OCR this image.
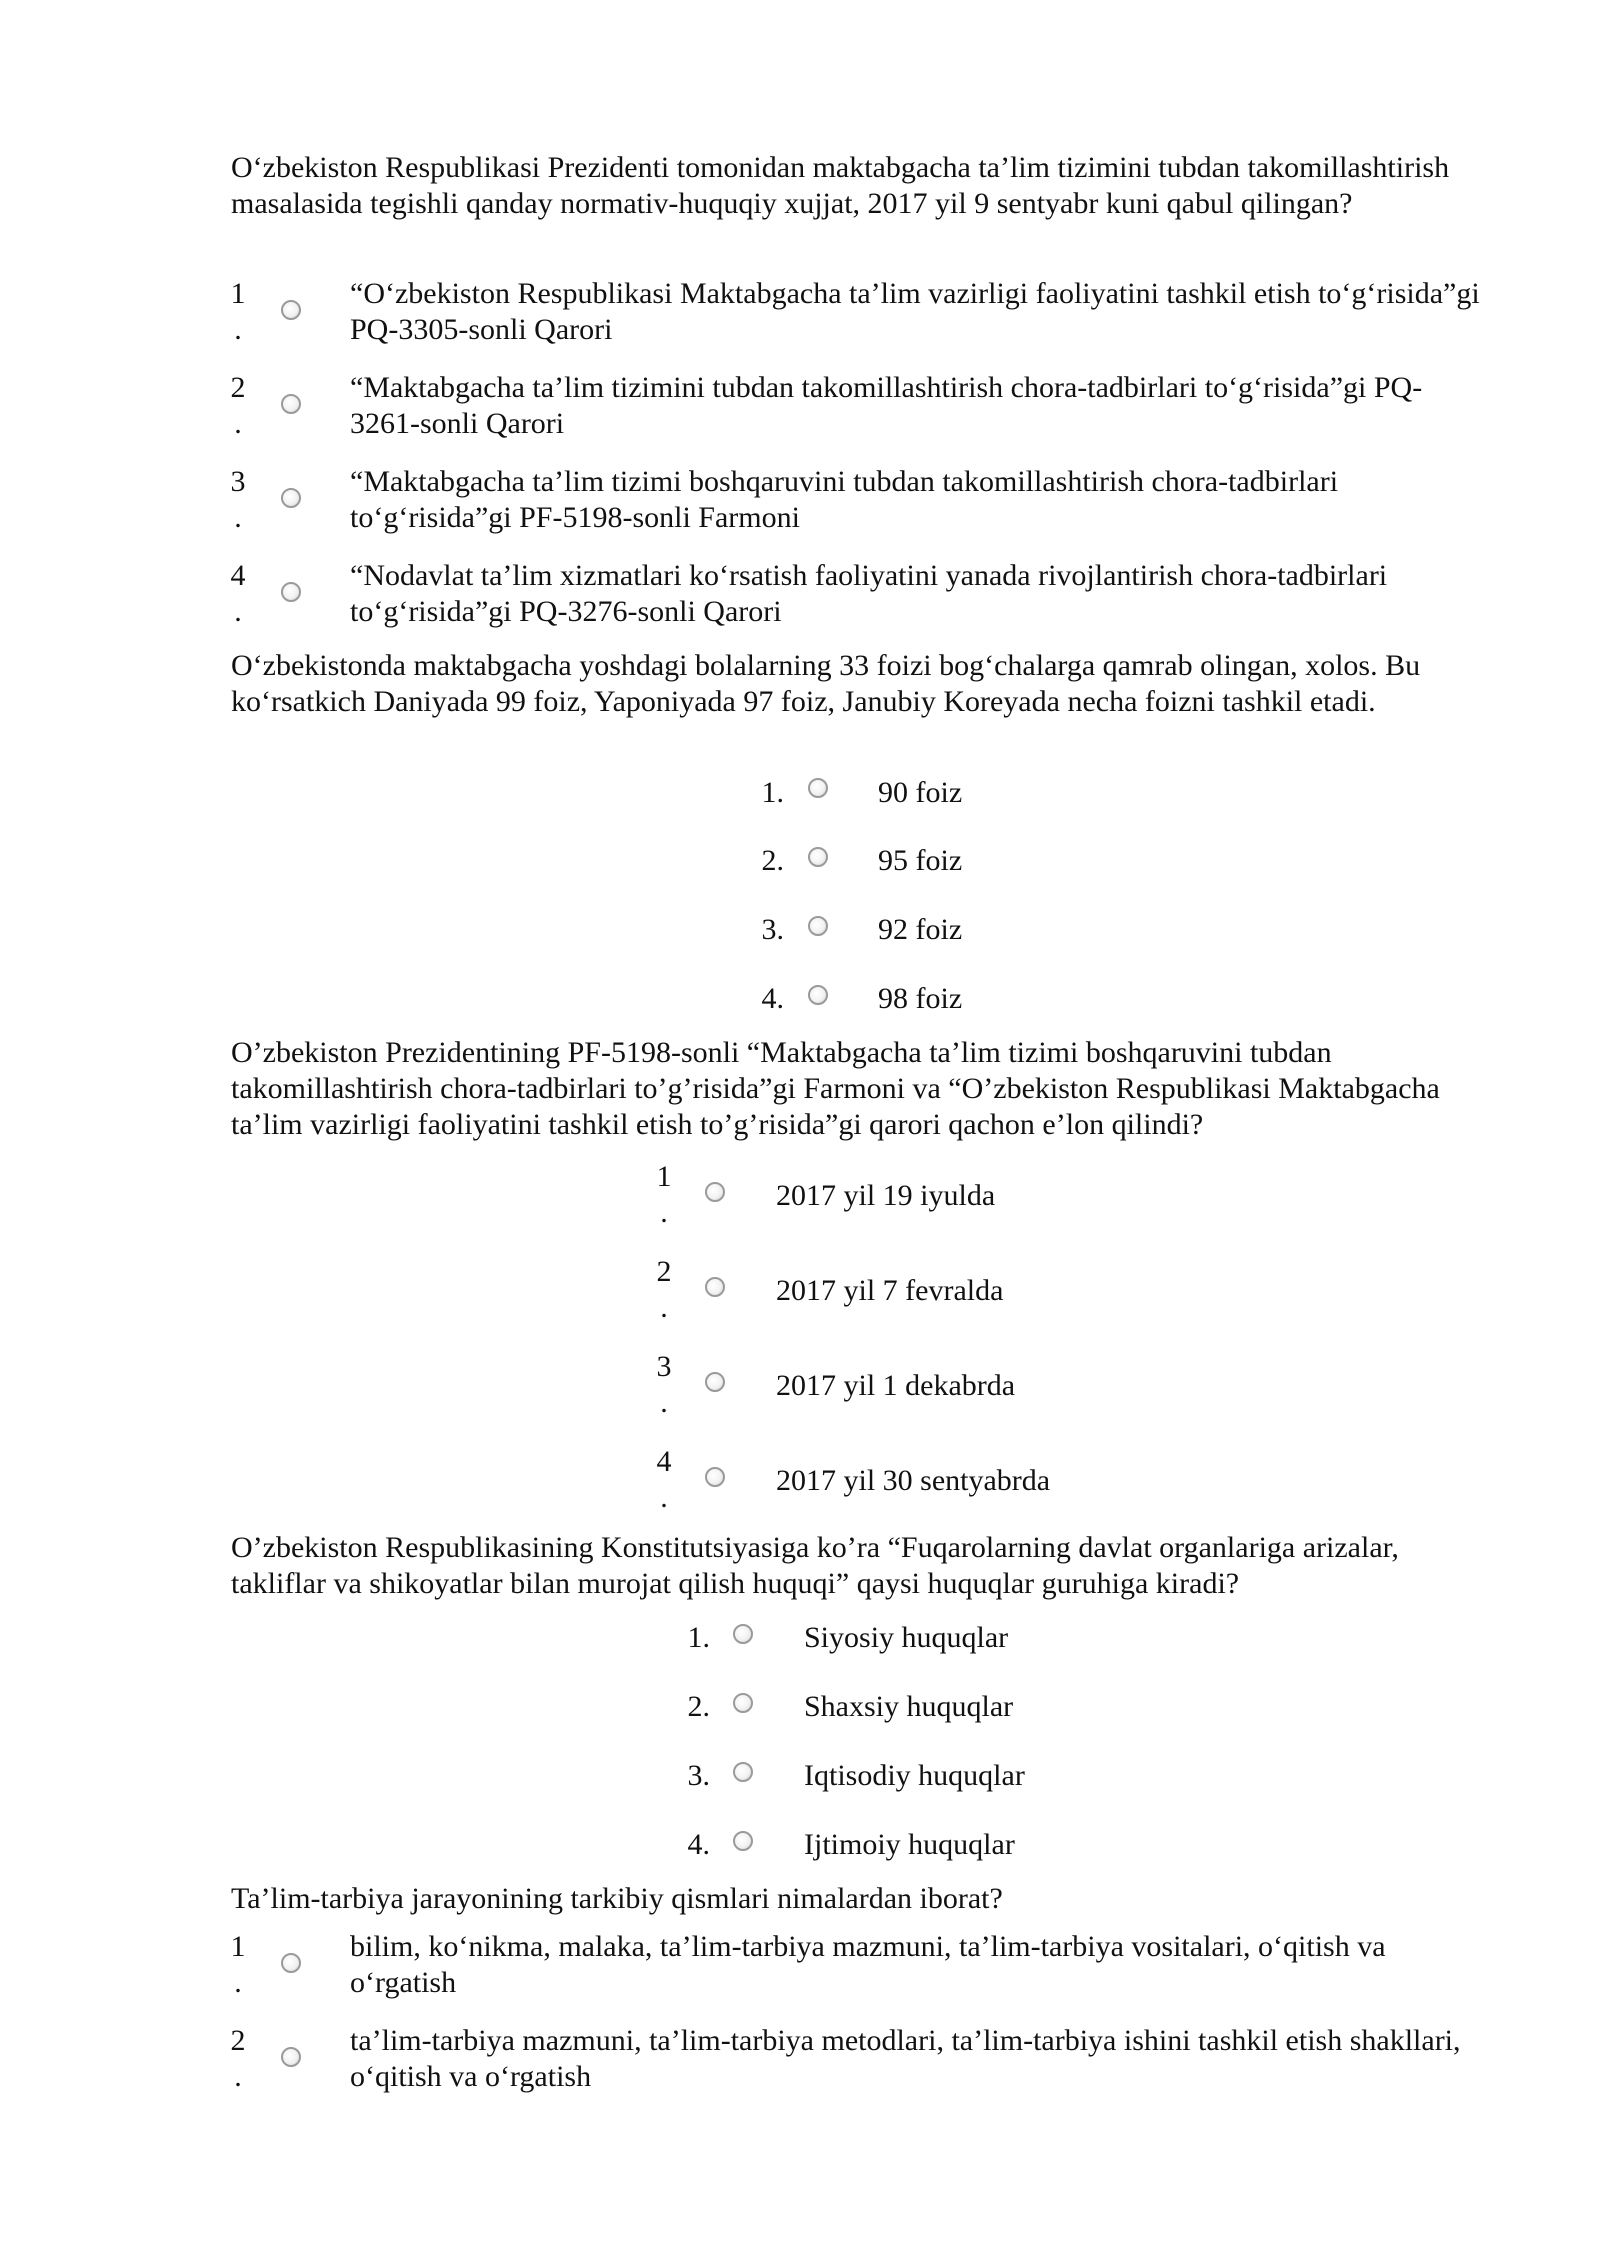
O‘zbekiston Respublikasi Prezidenti tomonidan maktabgacha ta’lim tizimini tubdan takomillashtirish masalasida tegishli qanday normativ-huquqiy xujjat, 2017 yil 9 sentyabr kuni qabul qilingan?

1
.

“O‘zbekiston Respublikasi Maktabgacha ta’lim vazirligi faoliyatini tashkil etish to‘g‘risida”gi PQ-3305-sonli Qarori

2
.

“Maktabgacha ta’lim tizimini tubdan takomillashtirish chora-tadbirlari to‘g‘risida”gi PQ-3261-sonli Qarori

3
.

“Maktabgacha ta’lim tizimi boshqaruvini tubdan takomillashtirish chora-tadbirlari to‘g‘risida”gi PF-5198-sonli Farmoni

4
.

“Nodavlat ta’lim xizmatlari ko‘rsatish faoliyatini yanada rivojlantirish chora-tadbirlari to‘g‘risida”gi PQ-3276-sonli Qarori

O‘zbekistonda maktabgacha yoshdagi bolalarning 33 foizi bog‘chalarga qamrab olingan, xolos. Bu ko‘rsatkich Daniyada 99 foiz, Yaponiyada 97 foiz, Janubiy Koreyada necha foizni tashkil etadi.

1.	90 foiz

2.	95 foiz

3.	92 foiz

4.	98 foiz

O’zbekiston Prezidentining PF-5198-sonli “Maktabgacha ta’lim tizimi boshqaruvini tubdan takomillashtirish chora-tadbirlari to’g’risida”gi Farmoni va “O’zbekiston Respublikasi Maktabgacha ta’lim vazirligi faoliyatini tashkil etish to’g’risida”gi qarori qachon e’lon qilindi?

1
.

2017 yil 19 iyulda

2
.

2017 yil 7 fevralda

3
.

2017 yil 1 dekabrda

4
.

2017 yil 30 sentyabrda

O’zbekiston Respublikasining Konstitutsiyasiga ko’ra “Fuqarolarning davlat organlariga arizalar, takliflar va shikoyatlar bilan murojat qilish huquqi” qaysi huquqlar guruhiga kiradi?

1.	Siyosiy huquqlar

2.	Shaxsiy huquqlar

3.	Iqtisodiy huquqlar

4.	Ijtimoiy huquqlar

Ta’lim-tarbiya jarayonining tarkibiy qismlari nimalardan iborat?

1
.

bilim, ko‘nikma, malaka, ta’lim-tarbiya mazmuni, ta’lim-tarbiya vositalari, o‘qitish va o‘rgatish

2
.

ta’lim-tarbiya mazmuni, ta’lim-tarbiya metodlari, ta’lim-tarbiya ishini tashkil etish shakllari, o‘qitish va o‘rgatish
